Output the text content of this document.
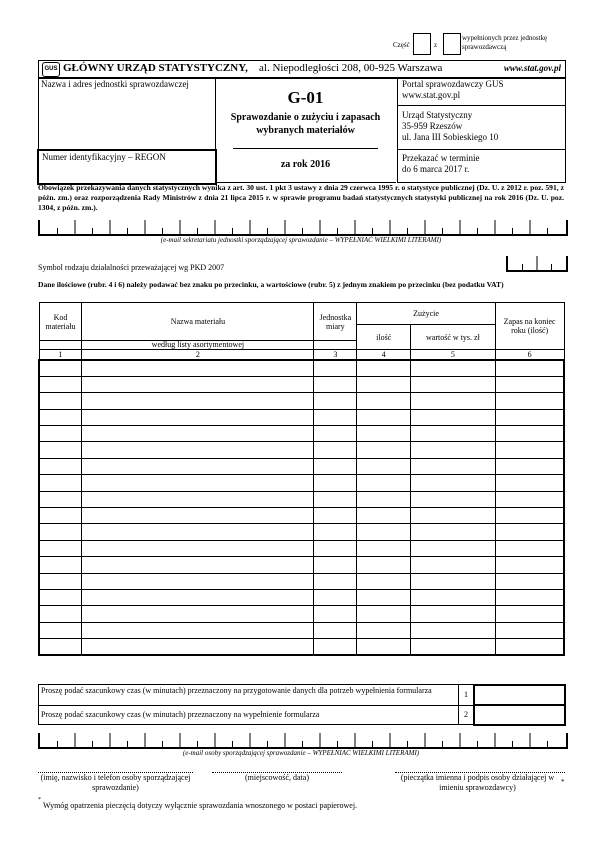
Część	z
wypełnionych przez jednostkę sprawozdawczą
GUS GŁÓWNY URZĄD STATYSTYCZNY, al. Niepodległości 208, 00-925 Warszawa	www.stat.gov.pl
Nazwa i adres jednostki sprawozdawczej
Numer identyfikacyjny – REGON
G-01
Sprawozdanie o zużyciu i zapasach wybranych materiałów
za rok 2016
Portal sprawozdawczy GUS
www.stat.gov.pl
Urząd Statystyczny
35-959 Rzeszów
ul. Jana III Sobieskiego 10
Przekazać w terminie
do 6 marca 2017 r.
Obowiązek przekazywania danych statystycznych wynika z art. 30 ust. 1 pkt 3 ustawy z dnia 29 czerwca 1995 r. o statystyce publicznej (Dz. U. z 2012 r. poz. 591, z późn. zm.) oraz rozporządzenia Rady Ministrów z dnia 21 lipca 2015 r. w sprawie programu badań statystycznych statystyki publicznej na rok 2016 (Dz. U. poz. 1304, z późn. zm.).
(e-mail sekretariatu jednostki sporządzającej sprawozdanie – WYPEŁNIAĆ WIELKIMI LITERAMI)
Symbol rodzaju działalności przeważającej wg PKD 2007
Dane ilościowe (rubr. 4 i 6) należy podawać bez znaku po przecinku, a wartościowe (rubr. 5) z jednym znakiem po przecinku (bez podatku VAT)
Kod materiału	Nazwa materiału	Jednostka miary	Zużycie		Zapas na koniec roku (ilość)
			ilość	wartość w tys. zł	
	według listy asortymentowej				
1	2	3	4	5	6

Proszę podać szacunkowy czas (w minutach) przeznaczony na przygotowanie danych dla potrzeb wypełnienia formularza	1
Proszę podać szacunkowy czas (w minutach) przeznaczony na wypełnienie formularza	2
(e-mail osoby sporządzającej sprawozdanie – WYPEŁNIAĆ WIELKIMI LITERAMI)
(imię, nazwisko i telefon osoby sporządzającej sprawozdanie)
(miejscowość, data)	(pieczątka imienna i podpis osoby działającej w imieniu sprawozdawcy)
*
*
Wymóg opatrzenia pieczęcią dotyczy wyłącznie sprawozdania wnoszonego w postaci papierowej.
